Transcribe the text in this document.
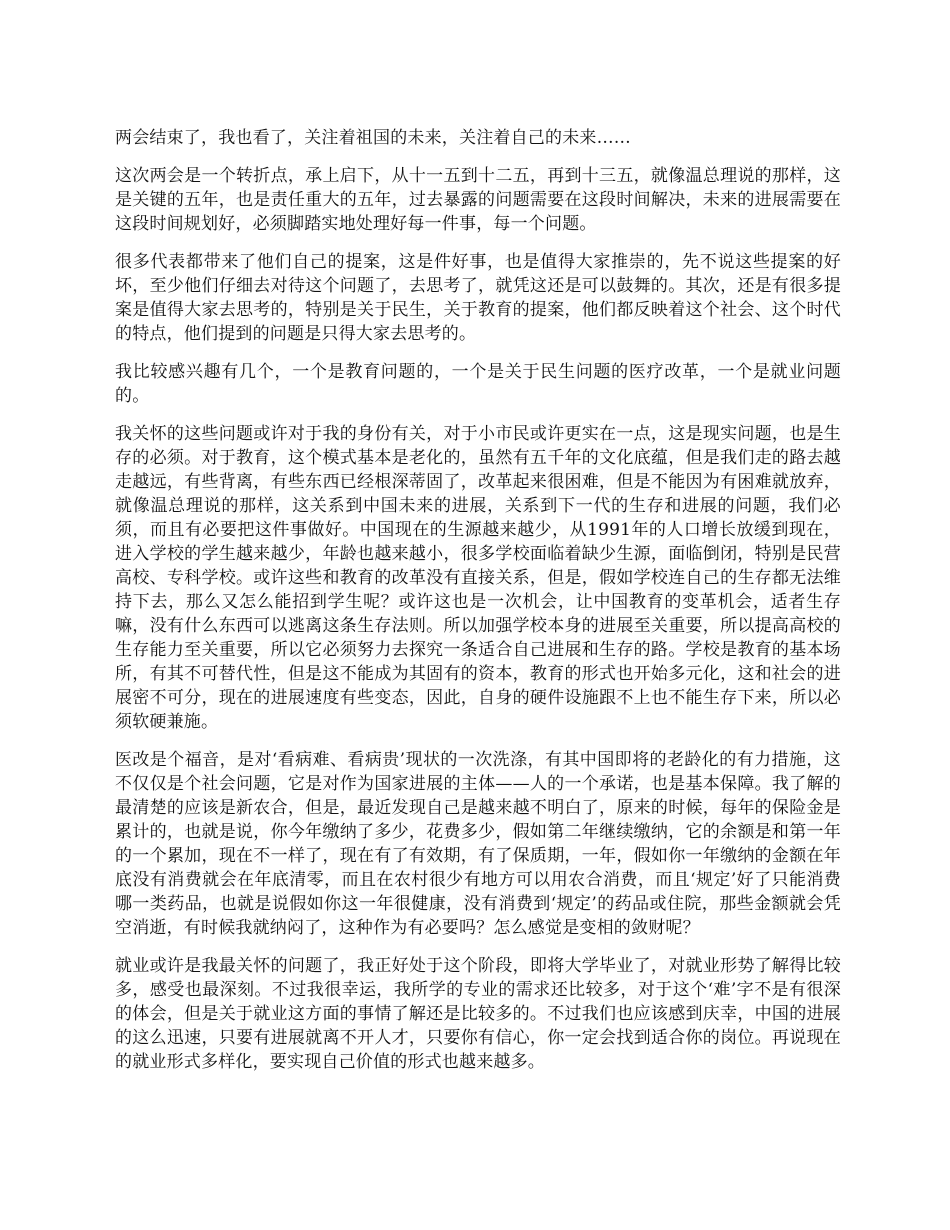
两会结束了，我也看了，关注着祖国的未来，关注着自己的未来……

这次两会是一个转折点，承上启下，从十一五到十二五，再到十三五，就像温总理说的那样，这是关键的五年，也是责任重大的五年，过去暴露的问题需要在这段时间解决，未来的进展需要在这段时间规划好，必须脚踏实地处理好每一件事，每一个问题。

很多代表都带来了他们自己的提案，这是件好事，也是值得大家推崇的，先不说这些提案的好坏，至少他们仔细去对待这个问题了，去思考了，就凭这还是可以鼓舞的。其次，还是有很多提案是值得大家去思考的，特别是关于民生，关于教育的提案，他们都反映着这个社会、这个时代的特点，他们提到的问题是只得大家去思考的。

我比较感兴趣有几个，一个是教育问题的，一个是关于民生问题的医疗改革，一个是就业问题的。

我关怀的这些问题或许对于我的身份有关，对于小市民或许更实在一点，这是现实问题，也是生存的必须。对于教育，这个模式基本是老化的，虽然有五千年的文化底蕴，但是我们走的路去越走越远，有些背离，有些东西已经根深蒂固了，改革起来很困难，但是不能因为有困难就放弃，就像温总理说的那样，这关系到中国未来的进展，关系到下一代的生存和进展的问题，我们必须，而且有必要把这件事做好。中国现在的生源越来越少，从1991年的人口增长放缓到现在，进入学校的学生越来越少，年龄也越来越小，很多学校面临着缺少生源，面临倒闭，特别是民营高校、专科学校。或许这些和教育的改革没有直接关系，但是，假如学校连自己的生存都无法维持下去，那么又怎么能招到学生呢？或许这也是一次机会，让中国教育的变革机会，适者生存嘛，没有什么东西可以逃离这条生存法则。所以加强学校本身的进展至关重要，所以提高高校的生存能力至关重要，所以它必须努力去探究一条适合自己进展和生存的路。学校是教育的基本场所，有其不可替代性，但是这不能成为其固有的资本，教育的形式也开始多元化，这和社会的进展密不可分，现在的进展速度有些变态，因此，自身的硬件设施跟不上也不能生存下来，所以必须软硬兼施。

医改是个福音，是对‘看病难、看病贵’现状的一次洗涤，有其中国即将的老龄化的有力措施，这不仅仅是个社会问题，它是对作为国家进展的主体——人的一个承诺，也是基本保障。我了解的最清楚的应该是新农合，但是，最近发现自己是越来越不明白了，原来的时候，每年的保险金是累计的，也就是说，你今年缴纳了多少，花费多少，假如第二年继续缴纳，它的余额是和第一年的一个累加，现在不一样了，现在有了有效期，有了保质期，一年，假如你一年缴纳的金额在年底没有消费就会在年底清零，而且在农村很少有地方可以用农合消费，而且‘规定’好了只能消费哪一类药品，也就是说假如你这一年很健康，没有消费到‘规定’的药品或住院，那些金额就会凭空消逝，有时候我就纳闷了，这种作为有必要吗？怎么感觉是变相的敛财呢？

就业或许是我最关怀的问题了，我正好处于这个阶段，即将大学毕业了，对就业形势了解得比较多，感受也最深刻。不过我很幸运，我所学的专业的需求还比较多，对于这个‘难’字不是有很深的体会，但是关于就业这方面的事情了解还是比较多的。不过我们也应该感到庆幸，中国的进展的这么迅速，只要有进展就离不开人才，只要你有信心，你一定会找到适合你的岗位。再说现在的就业形式多样化，要实现自己价值的形式也越来越多。
